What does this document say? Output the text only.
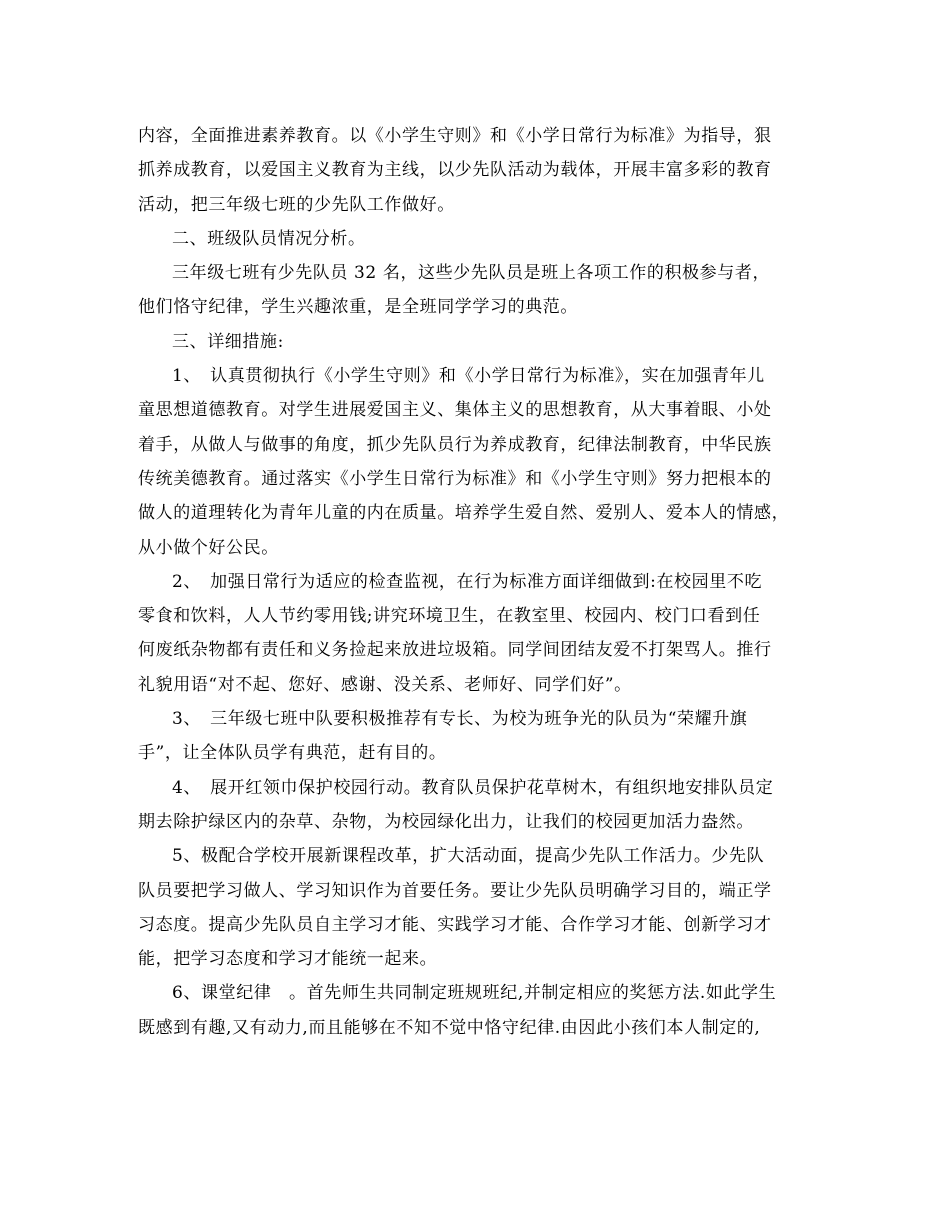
内容，全面推进素养教育。以《小学生守则》和《小学日常行为标准》为指导，狠
抓养成教育，以爱国主义教育为主线，以少先队活动为载体，开展丰富多彩的教育
活动，把三年级七班的少先队工作做好。
二、班级队员情况分析。
三年级七班有少先队员 32 名，这些少先队员是班上各项工作的积极参与者，
他们恪守纪律，学生兴趣浓重，是全班同学学习的典范。
三、详细措施:
1、　认真贯彻执行《小学生守则》和《小学日常行为标准》，实在加强青年儿
童思想道德教育。对学生进展爱国主义、集体主义的思想教育，从大事着眼、小处
着手，从做人与做事的角度，抓少先队员行为养成教育，纪律法制教育，中华民族
传统美德教育。通过落实《小学生日常行为标准》和《小学生守则》努力把根本的
做人的道理转化为青年儿童的内在质量。培养学生爱自然、爱别人、爱本人的情感，
从小做个好公民。
2、　加强日常行为适应的检查监视，在行为标准方面详细做到:在校园里不吃
零食和饮料，人人节约零用钱;讲究环境卫生，在教室里、校园内、校门口看到任
何废纸杂物都有责任和义务捡起来放进垃圾箱。同学间团结友爱不打架骂人。推行
礼貌用语“对不起、您好、感谢、没关系、老师好、同学们好”。
3、　三年级七班中队要积极推荐有专长、为校为班争光的队员为“荣耀升旗
手”，让全体队员学有典范，赶有目的。
4、　展开红领巾保护校园行动。教育队员保护花草树木，有组织地安排队员定
期去除护绿区内的杂草、杂物，为校园绿化出力，让我们的校园更加活力盎然。
5、极配合学校开展新课程改革，扩大活动面，提高少先队工作活力。少先队
队员要把学习做人、学习知识作为首要任务。要让少先队员明确学习目的，端正学
习态度。提高少先队员自主学习才能、实践学习才能、合作学习才能、创新学习才
能，把学习态度和学习才能统一起来。
6、课堂纪律　。首先师生共同制定班规班纪,并制定相应的奖惩方法.如此学生
既感到有趣,又有动力,而且能够在不知不觉中恪守纪律.由因此小孩们本人制定的,
